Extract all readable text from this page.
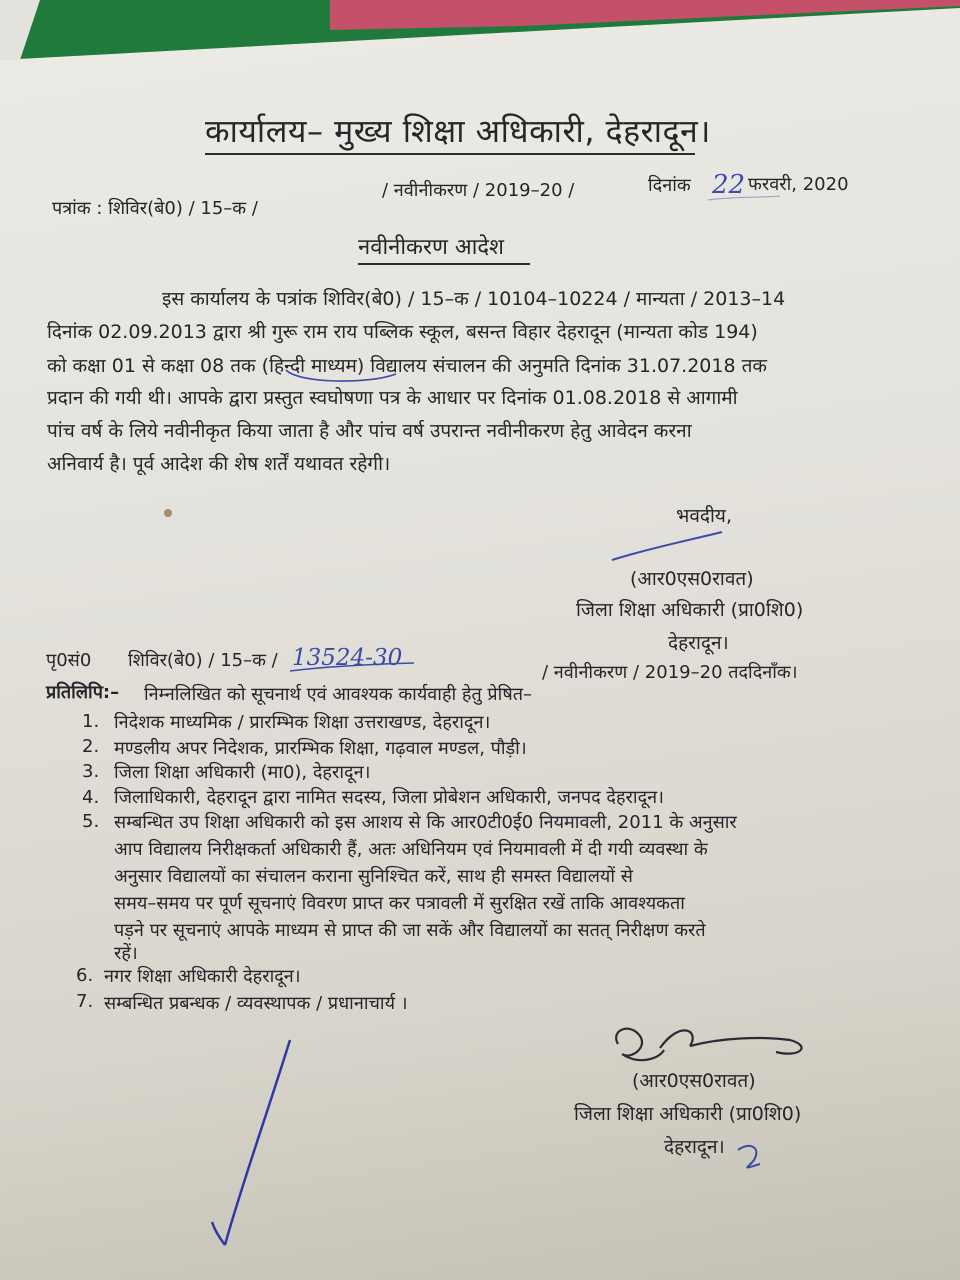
कार्यालय– मुख्य शिक्षा अधिकारी, देहरादून।

पत्रांक : शिविर(बे0) / 15–क /

/ नवीनीकरण / 2019–20 /	दिनांक 22 फरवरी, 2020

नवीनीकरण आदेश

इस कार्यालय के पत्रांक शिविर(बे0) / 15–क / 10104–10224 / मान्यता / 2013–14

दिनांक 02.09.2013 द्वारा श्री गुरू राम राय पब्लिक स्कूल, बसन्त विहार देहरादून (मान्यता कोड 194)

को कक्षा 01 से कक्षा 08 तक (हिन्दी माध्यम) विद्यालय संचालन की अनुमति दिनांक 31.07.2018 तक

प्रदान की गयी थी। आपके द्वारा प्रस्तुत स्वघोषणा पत्र के आधार पर दिनांक 01.08.2018 से आगामी

पांच वर्ष के लिये नवीनीकृत किया जाता है और पांच वर्ष उपरान्त नवीनीकरण हेतु आवेदन करना

अनिवार्य है। पूर्व आदेश की शेष शर्तें यथावत रहेगी।

भवदीय,

(आर0एस0रावत)

जिला शिक्षा अधिकारी (प्रा0शि0)

देहरादून।

पृ0सं0 शिविर(बे0) / 15–क / 13524-30

/ नवीनीकरण / 2019–20 तददिनाँक।

प्रतिलिपि:– निम्नलिखित को सूचनार्थ एवं आवश्यक कार्यवाही हेतु प्रेषित–

1. निदेशक माध्यमिक / प्रारम्भिक शिक्षा उत्तराखण्ड, देहरादून।

2. मण्डलीय अपर निदेशक, प्रारम्भिक शिक्षा, गढ़वाल मण्डल, पौड़ी।

3. जिला शिक्षा अधिकारी (मा0), देहरादून।

4. जिलाधिकारी, देहरादून द्वारा नामित सदस्य, जिला प्रोबेशन अधिकारी, जनपद देहरादून।

5. सम्बन्धित उप शिक्षा अधिकारी को इस आशय से कि आर0टी0ई0 नियमावली, 2011 के अनुसार

आप विद्यालय निरीक्षकर्ता अधिकारी हैं, अतः अधिनियम एवं नियमावली में दी गयी व्यवस्था के

अनुसार विद्यालयों का संचालन कराना सुनिश्चित करें, साथ ही समस्त विद्यालयों से

समय–समय पर पूर्ण सूचनाएं विवरण प्राप्त कर पत्रावली में सुरक्षित रखें ताकि आवश्यकता

पड़ने पर सूचनाएं आपके माध्यम से प्राप्त की जा सकें और विद्यालयों का सतत् निरीक्षण करते

रहें।

6. नगर शिक्षा अधिकारी देहरादून।

7. सम्बन्धित प्रबन्धक / व्यवस्थापक / प्रधानाचार्य ।

(आर0एस0रावत)

जिला शिक्षा अधिकारी (प्रा0शि0)

देहरादून।
